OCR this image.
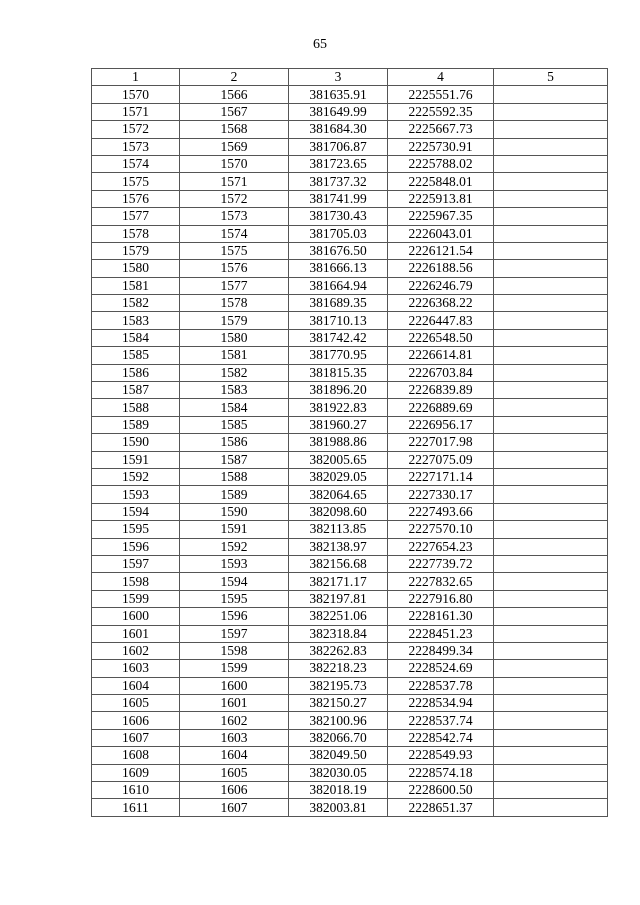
65
1	2	3	4	5
1570	1566	381635.91	2225551.76	
1571	1567	381649.99	2225592.35	
1572	1568	381684.30	2225667.73	
1573	1569	381706.87	2225730.91	
1574	1570	381723.65	2225788.02	
1575	1571	381737.32	2225848.01	
1576	1572	381741.99	2225913.81	
1577	1573	381730.43	2225967.35	
1578	1574	381705.03	2226043.01	
1579	1575	381676.50	2226121.54	
1580	1576	381666.13	2226188.56	
1581	1577	381664.94	2226246.79	
1582	1578	381689.35	2226368.22	
1583	1579	381710.13	2226447.83	
1584	1580	381742.42	2226548.50	
1585	1581	381770.95	2226614.81	
1586	1582	381815.35	2226703.84	
1587	1583	381896.20	2226839.89	
1588	1584	381922.83	2226889.69	
1589	1585	381960.27	2226956.17	
1590	1586	381988.86	2227017.98	
1591	1587	382005.65	2227075.09	
1592	1588	382029.05	2227171.14	
1593	1589	382064.65	2227330.17	
1594	1590	382098.60	2227493.66	
1595	1591	382113.85	2227570.10	
1596	1592	382138.97	2227654.23	
1597	1593	382156.68	2227739.72	
1598	1594	382171.17	2227832.65	
1599	1595	382197.81	2227916.80	
1600	1596	382251.06	2228161.30	
1601	1597	382318.84	2228451.23	
1602	1598	382262.83	2228499.34	
1603	1599	382218.23	2228524.69	
1604	1600	382195.73	2228537.78	
1605	1601	382150.27	2228534.94	
1606	1602	382100.96	2228537.74	
1607	1603	382066.70	2228542.74	
1608	1604	382049.50	2228549.93	
1609	1605	382030.05	2228574.18	
1610	1606	382018.19	2228600.50	
1611	1607	382003.81	2228651.37	
